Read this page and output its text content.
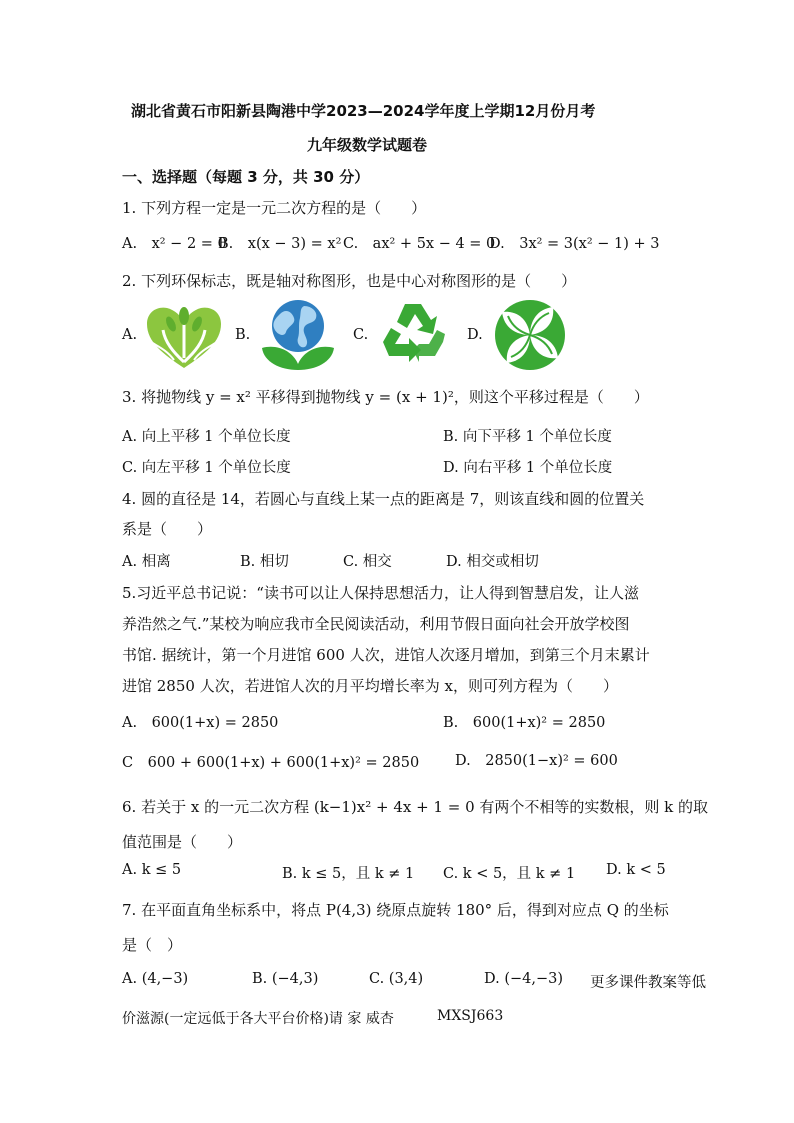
湖北省黄石市阳新县陶港中学2023—2024学年度上学期12月份月考
九年级数学试题卷
一、选择题（每题 3 分，共 30 分）
1. 下列方程一定是一元二次方程的是（　　）
A.　x² − 2 = 0
B.　x(x − 3) = x² C.　ax² + 5x − 4 = 0
D.　3x² = 3(x² − 1) + 3
2. 下列环保标志，既是轴对称图形，也是中心对称图形的是（　　）
A.	B.	C.	D.
3. 将抛物线 y = x² 平移得到抛物线 y = (x + 1)²，则这个平移过程是（　　）
A. 向上平移 1 个单位长度	B. 向下平移 1 个单位长度
C. 向左平移 1 个单位长度	D. 向右平移 1 个单位长度
4. 圆的直径是 14，若圆心与直线上某一点的距离是 7，则该直线和圆的位置关
系是（　　）
A. 相离	B. 相切	C. 相交	D. 相交或相切
5.习近平总书记说：“读书可以让人保持思想活力，让人得到智慧启发，让人滋
养浩然之气.”某校为响应我市全民阅读活动，利用节假日面向社会开放学校图
书馆. 据统计，第一个月进馆 600 人次，进馆人次逐月增加，到第三个月末累计
进馆 2850 人次，若进馆人次的月平均增长率为 x，则可列方程为（　　）
A.　600(1+x) = 2850	B.　600(1+x)² = 2850
C　600 + 600(1+x) + 600(1+x)² = 2850 D.　2850(1−x)² = 600
6. 若关于 x 的一元二次方程 (k−1)x² + 4x + 1 = 0 有两个不相等的实数根，则 k 的取
值范围是（　　）
A. k ≤ 5	B. k ≤ 5，且 k ≠ 1 C. k < 5，且 k ≠ 1 D. k < 5
7. 在平面直角坐标系中，将点 P(4,3) 绕原点旋转 180° 后，得到对应点 Q 的坐标
是（　）
A. (4,−3)	B. (−4,3)	C. (3,4)	D. (−4,−3) 更多课件教案等低
价滋源(一定远低于各大平台价格)请 家 威杏	MXSJ663
